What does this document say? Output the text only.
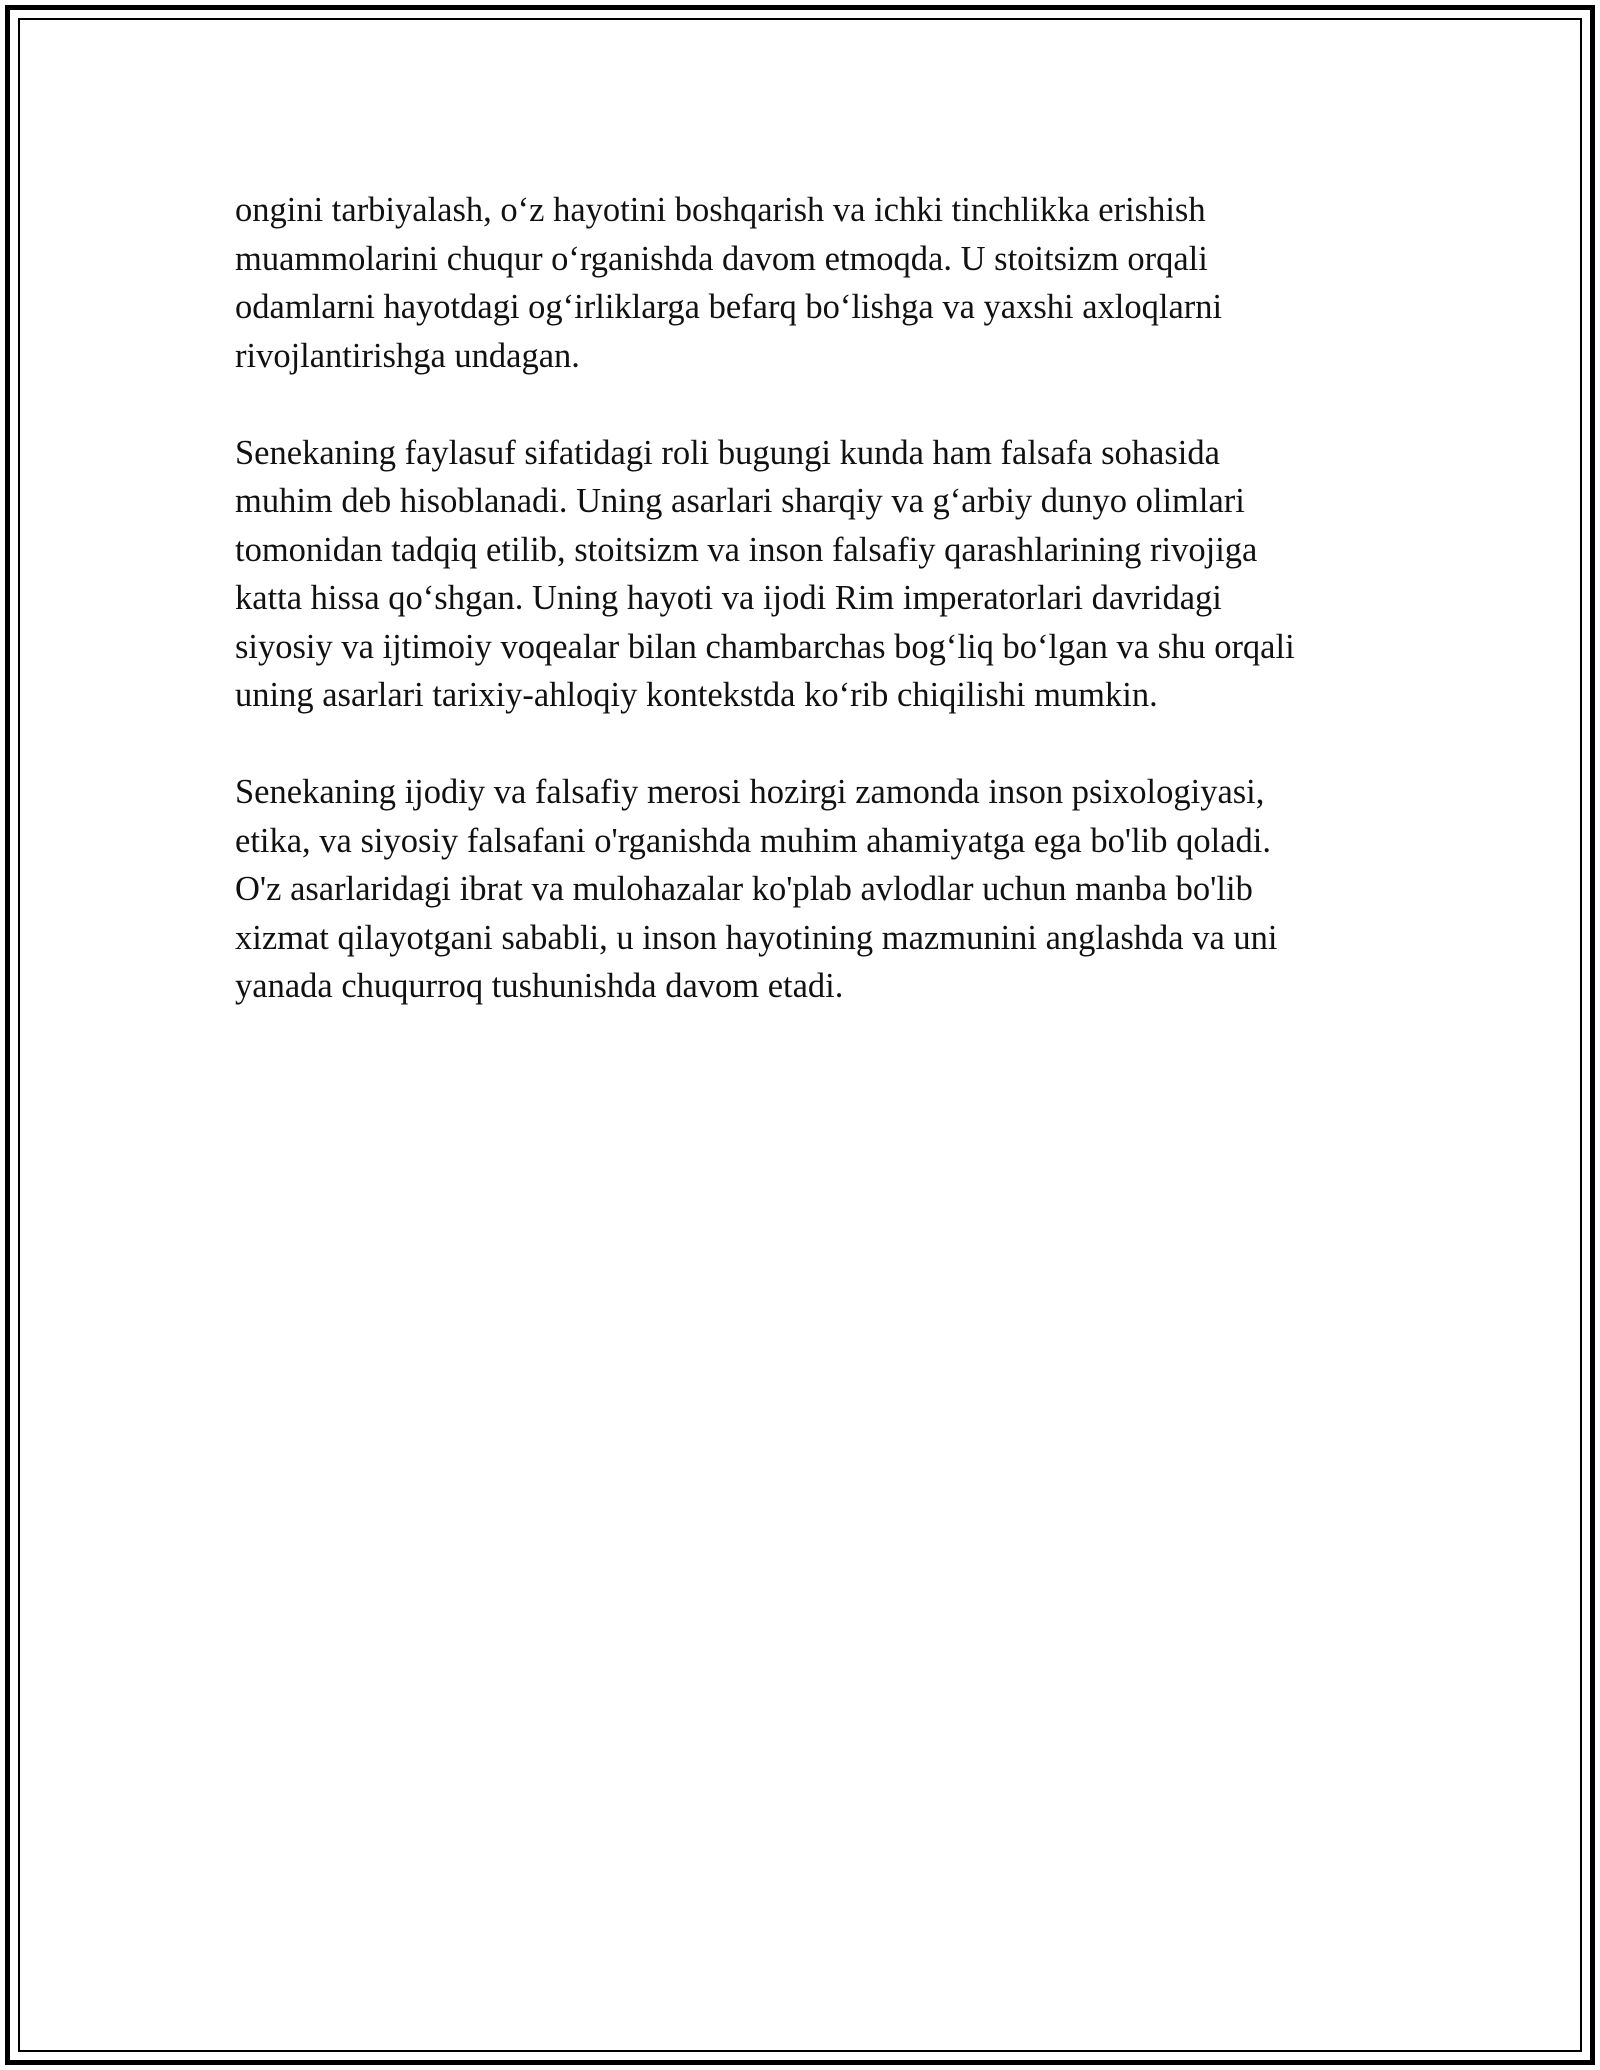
ongini tarbiyalash, o‘z hayotini boshqarish va ichki tinchlikka erishish
muammolarini chuqur o‘rganishda davom etmoqda. U stoitsizm orqali
odamlarni hayotdagi og‘irliklarga befarq bo‘lishga va yaxshi axloqlarni
rivojlantirishga undagan.

Senekaning faylasuf sifatidagi roli bugungi kunda ham falsafa sohasida
muhim deb hisoblanadi. Uning asarlari sharqiy va g‘arbiy dunyo olimlari
tomonidan tadqiq etilib, stoitsizm va inson falsafiy qarashlarining rivojiga
katta hissa qo‘shgan. Uning hayoti va ijodi Rim imperatorlari davridagi
siyosiy va ijtimoiy voqealar bilan chambarchas bog‘liq bo‘lgan va shu orqali
uning asarlari tarixiy-ahloqiy kontekstda ko‘rib chiqilishi mumkin.

Senekaning ijodiy va falsafiy merosi hozirgi zamonda inson psixologiyasi,
etika, va siyosiy falsafani o'rganishda muhim ahamiyatga ega bo'lib qoladi.
O'z asarlaridagi ibrat va mulohazalar ko'plab avlodlar uchun manba bo'lib
xizmat qilayotgani sababli, u inson hayotining mazmunini anglashda va uni
yanada chuqurroq tushunishda davom etadi.
